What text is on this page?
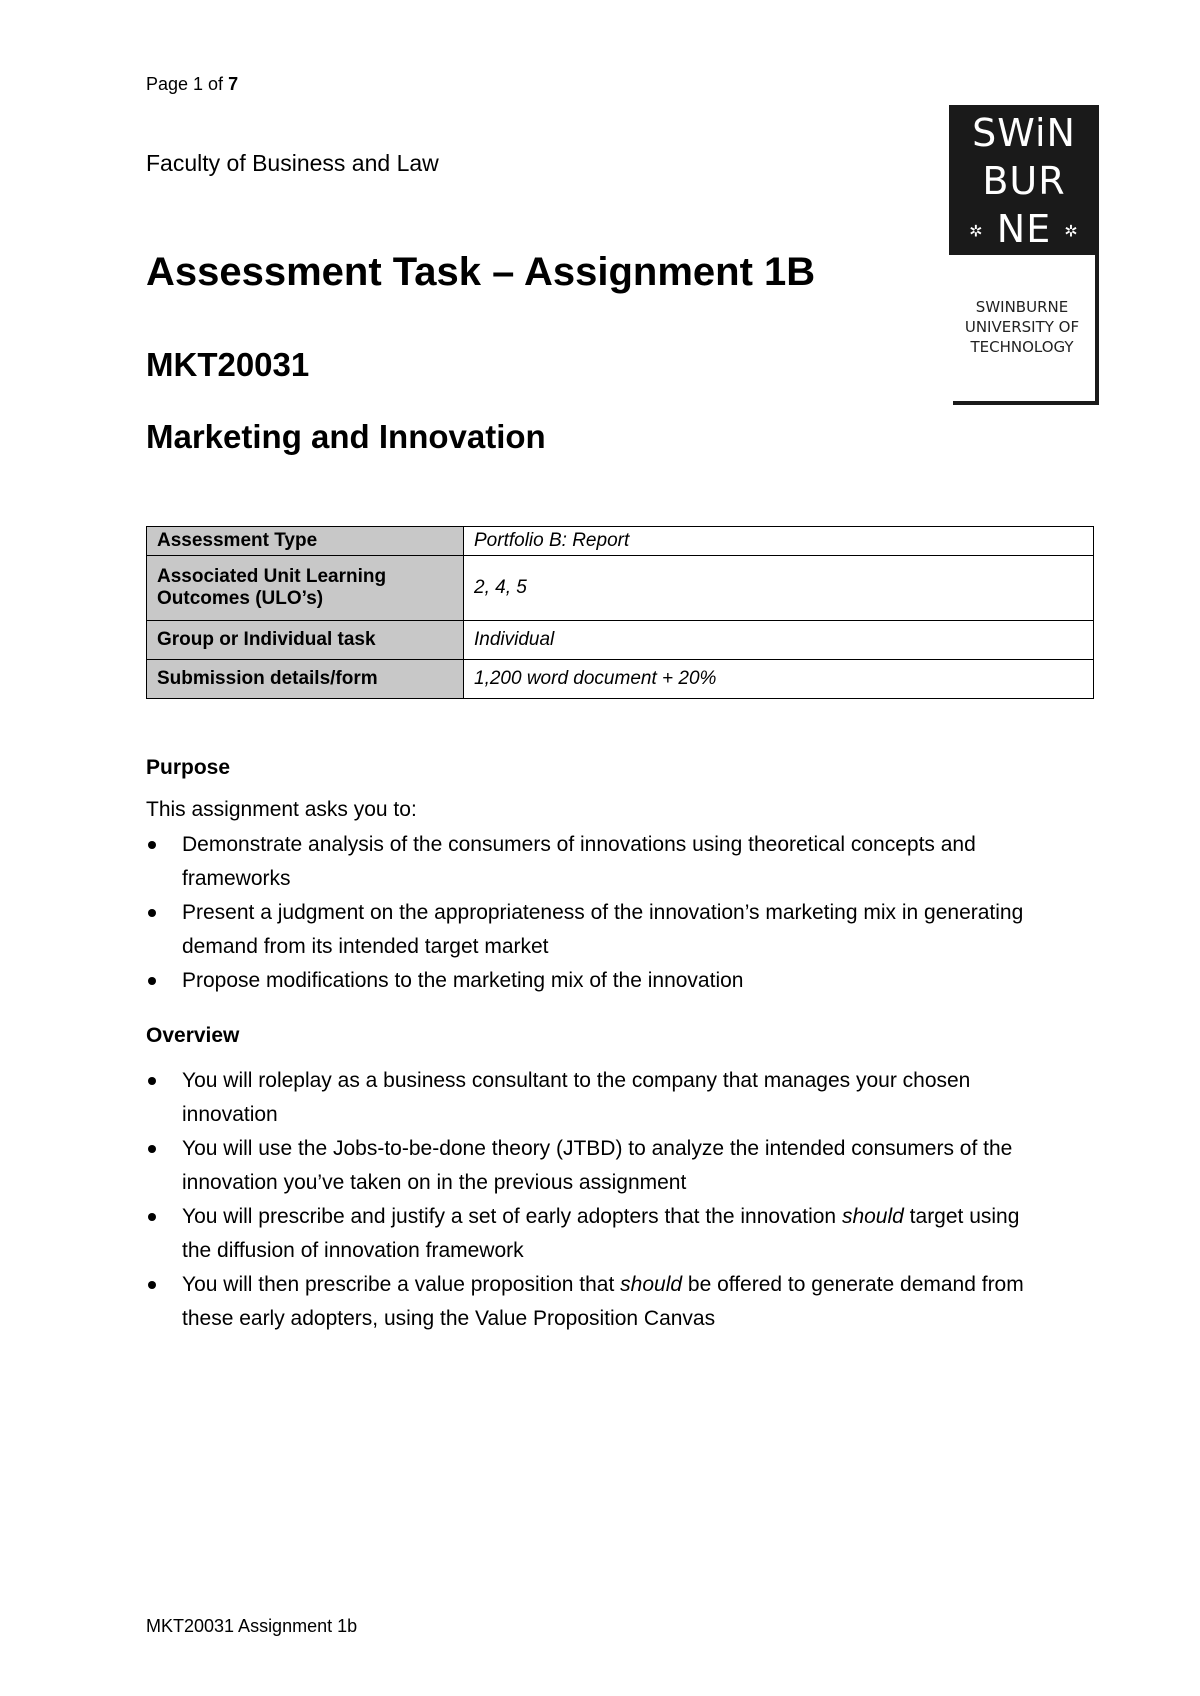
Page 1 of 7
Faculty of Business and Law
Assessment Task – Assignment 1B
MKT20031
Marketing and Innovation
SWiN
BUR
✲ NE ✲
SWINBURNE
UNIVERSITY OF
TECHNOLOGY
Assessment Type	Portfolio B: Report
Associated Unit Learning Outcomes (ULO’s)	2, 4, 5
Group or Individual task	Individual
Submission details/form	1,200 word document + 20%
Purpose
This assignment asks you to:
Demonstrate analysis of the consumers of innovations using theoretical concepts and frameworks
Present a judgment on the appropriateness of the innovation’s marketing mix in generating demand from its intended target market
Propose modifications to the marketing mix of the innovation
Overview
You will roleplay as a business consultant to the company that manages your chosen innovation
You will use the Jobs-to-be-done theory (JTBD) to analyze the intended consumers of the innovation you’ve taken on in the previous assignment
You will prescribe and justify a set of early adopters that the innovation should target using the diffusion of innovation framework
You will then prescribe a value proposition that should be offered to generate demand from these early adopters, using the Value Proposition Canvas
MKT20031 Assignment 1b
